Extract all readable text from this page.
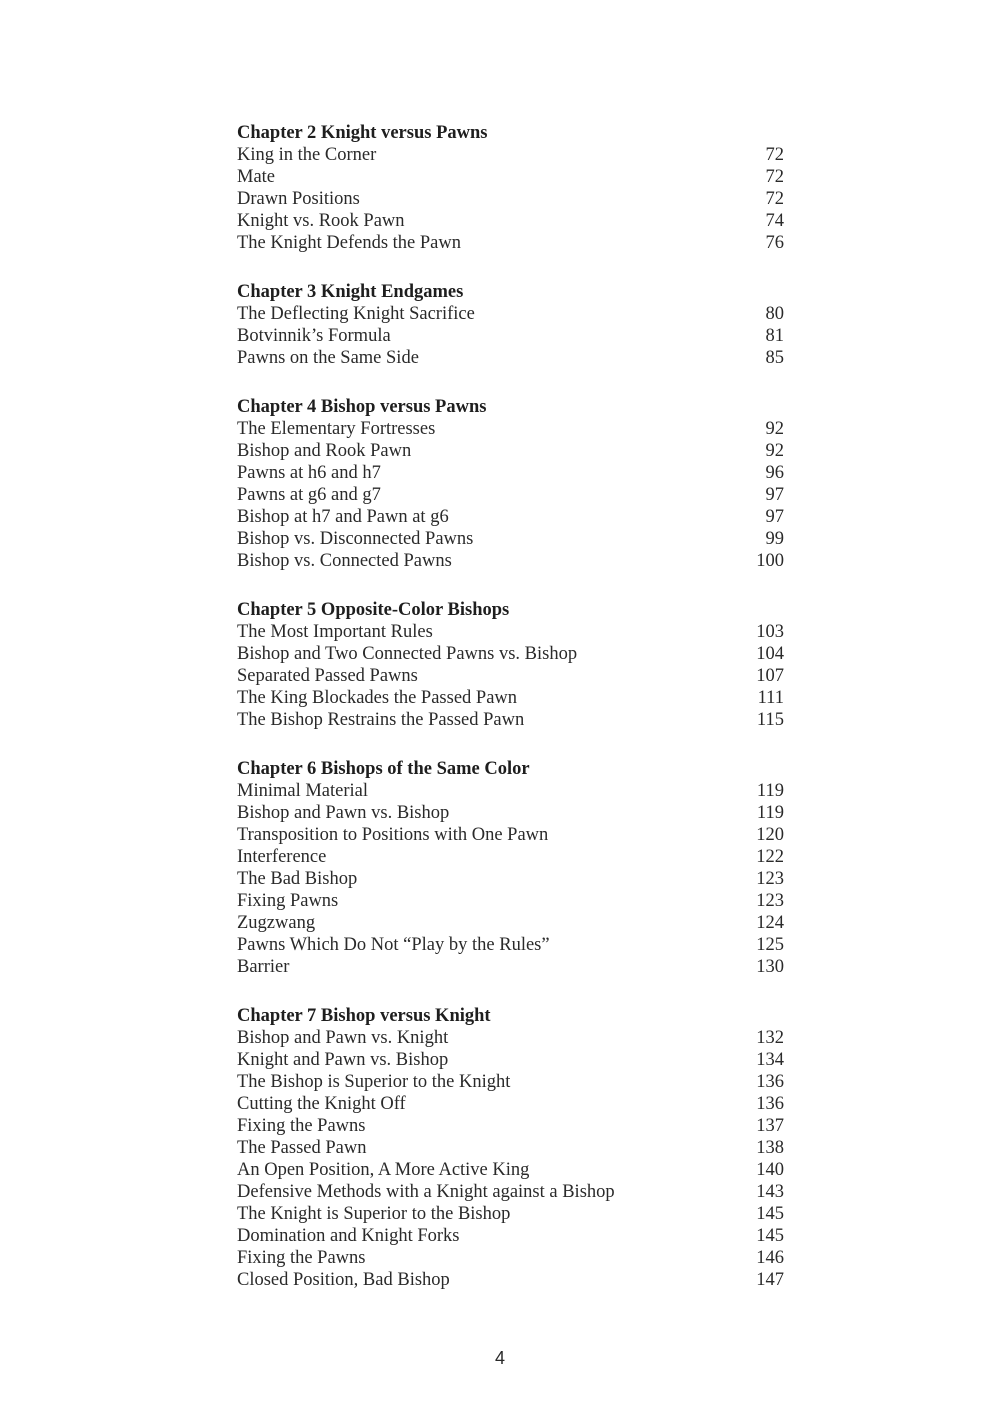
Chapter 2 Knight versus Pawns
King in the Corner	72
Mate	72
Drawn Positions	72
Knight vs. Rook Pawn	74
The Knight Defends the Pawn	76
Chapter 3 Knight Endgames
The Deflecting Knight Sacrifice	80
Botvinnik’s Formula	81
Pawns on the Same Side	85
Chapter 4 Bishop versus Pawns
The Elementary Fortresses	92
Bishop and Rook Pawn	92
Pawns at h6 and h7	96
Pawns at g6 and g7	97
Bishop at h7 and Pawn at g6	97
Bishop vs. Disconnected Pawns	99
Bishop vs. Connected Pawns	100
Chapter 5 Opposite-Color Bishops
The Most Important Rules	103
Bishop and Two Connected Pawns vs. Bishop	104
Separated Passed Pawns	107
The King Blockades the Passed Pawn	111
The Bishop Restrains the Passed Pawn	115
Chapter 6 Bishops of the Same Color
Minimal Material	119
Bishop and Pawn vs. Bishop	119
Transposition to Positions with One Pawn	120
Interference	122
The Bad Bishop	123
Fixing Pawns	123
Zugzwang	124
Pawns Which Do Not “Play by the Rules”	125
Barrier	130
Chapter 7 Bishop versus Knight
Bishop and Pawn vs. Knight	132
Knight and Pawn vs. Bishop	134
The Bishop is Superior to the Knight	136
Cutting the Knight Off	136
Fixing the Pawns	137
The Passed Pawn	138
An Open Position, A More Active King	140
Defensive Methods with a Knight against a Bishop	143
The Knight is Superior to the Bishop	145
Domination and Knight Forks	145
Fixing the Pawns	146
Closed Position, Bad Bishop	147
4
